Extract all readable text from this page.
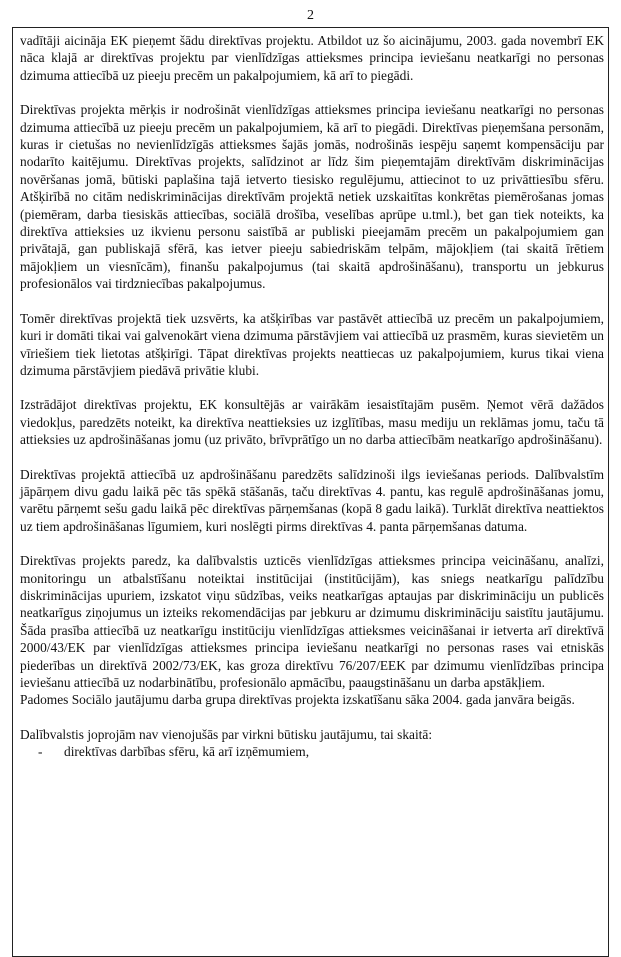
2

vadītāji aicināja EK pieņemt šādu direktīvas projektu. Atbildot uz šo aicinājumu, 2003. gada novembrī EK nāca klajā ar direktīvas projektu par vienlīdzīgas attieksmes principa ieviešanu neatkarīgi no personas dzimuma attiecībā uz pieeju precēm un pakalpojumiem, kā arī to piegādi.

Direktīvas projekta mērķis ir nodrošināt vienlīdzīgas attieksmes principa ieviešanu neatkarīgi no personas dzimuma attiecībā uz pieeju precēm un pakalpojumiem, kā arī to piegādi. Direktīvas pieņemšana personām, kuras ir cietušas no nevienlīdzīgās attieksmes šajās jomās, nodrošinās iespēju saņemt kompensāciju par nodarīto kaitējumu. Direktīvas projekts, salīdzinot ar līdz šim pieņemtajām direktīvām diskriminācijas novēršanas jomā, būtiski paplašina tajā ietverto tiesisko regulējumu, attiecinot to uz privāttiesību sfēru. Atšķirībā no citām nediskriminācijas direktīvām projektā netiek uzskaitītas konkrētas piemērošanas jomas (piemēram, darba tiesiskās attiecības, sociālā drošība, veselības aprūpe u.tml.), bet gan tiek noteikts, ka direktīva attieksies uz ikvienu personu saistībā ar publiski pieejamām precēm un pakalpojumiem gan privātajā, gan publiskajā sfērā, kas ietver pieeju sabiedriskām telpām, mājokļiem (tai skaitā īrētiem mājokļiem un viesnīcām), finanšu pakalpojumus (tai skaitā apdrošināšanu), transportu un jebkurus profesionālos vai tirdzniecības pakalpojumus.

Tomēr direktīvas projektā tiek uzsvērts, ka atšķirības var pastāvēt attiecībā uz precēm un pakalpojumiem, kuri ir domāti tikai vai galvenokārt viena dzimuma pārstāvjiem vai attiecībā uz prasmēm, kuras sievietēm un vīriešiem tiek lietotas atšķirīgi. Tāpat direktīvas projekts neattiecas uz pakalpojumiem, kurus tikai viena dzimuma pārstāvjiem piedāvā privātie klubi.

Izstrādājot direktīvas projektu, EK konsultējās ar vairākām iesaistītajām pusēm. Ņemot vērā dažādos viedokļus, paredzēts noteikt, ka direktīva neattieksies uz izglītības, masu mediju un reklāmas jomu, taču tā attieksies uz apdrošināšanas jomu (uz privāto, brīvprātīgo un no darba attiecībām neatkarīgo apdrošināšanu).

Direktīvas projektā attiecībā uz apdrošināšanu paredzēts salīdzinoši ilgs ieviešanas periods. Dalībvalstīm jāpārņem divu gadu laikā pēc tās spēkā stāšanās, taču direktīvas 4. pantu, kas regulē apdrošināšanas jomu, varētu pārņemt sešu gadu laikā pēc direktīvas pārņemšanas (kopā 8 gadu laikā). Turklāt direktīva neattiektos uz tiem apdrošināšanas līgumiem, kuri noslēgti pirms direktīvas 4. panta pārņemšanas datuma.

Direktīvas projekts paredz, ka dalībvalstis uzticēs vienlīdzīgas attieksmes principa veicināšanu, analīzi, monitoringu un atbalstīšanu noteiktai institūcijai (institūcijām), kas sniegs neatkarīgu palīdzību diskriminācijas upuriem, izskatot viņu sūdzības, veiks neatkarīgas aptaujas par diskrimināciju un publicēs neatkarīgus ziņojumus un izteiks rekomendācijas par jebkuru ar dzimumu diskrimināciju saistītu jautājumu. Šāda prasība attiecībā uz neatkarīgu institūciju vienlīdzīgas attieksmes veicināšanai ir ietverta arī direktīvā 2000/43/EK par vienlīdzīgas attieksmes principa ieviešanu neatkarīgi no personas rases vai etniskās piederības un direktīvā 2002/73/EK, kas groza direktīvu 76/207/EEK par dzimumu vienlīdzības principa ieviešanu attiecībā uz nodarbinātību, profesionālo apmācību, paaugstināšanu un darba apstākļiem.

Padomes Sociālo jautājumu darba grupa direktīvas projekta izskatīšanu sāka 2004. gada janvāra beigās.

Dalībvalstis joprojām nav vienojušās par virkni būtisku jautājumu, tai skaitā:

- direktīvas darbības sfēru, kā arī izņēmumiem,
